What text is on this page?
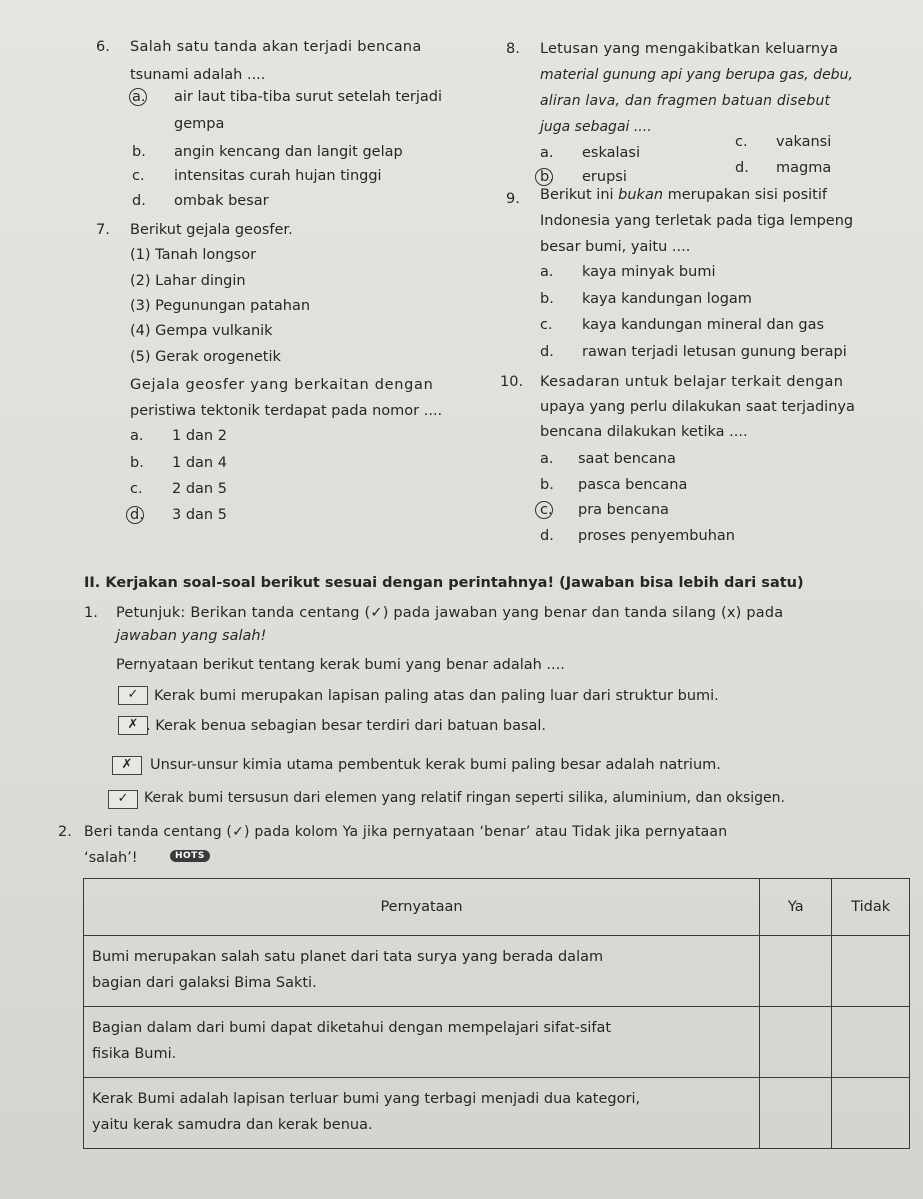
6. Salah satu tanda akan terjadi bencana
tsunami adalah ....
a. air laut tiba-tiba surut setelah terjadi
gempa
b. angin kencang dan langit gelap
c. intensitas curah hujan tinggi
d. ombak besar
7. Berikut gejala geosfer.
(1) Tanah longsor
(2) Lahar dingin
(3) Pegunungan patahan
(4) Gempa vulkanik
(5) Gerak orogenetik
Gejala geosfer yang berkaitan dengan
peristiwa tektonik terdapat pada nomor ....
a. 1 dan 2
b. 1 dan 4
c. 2 dan 5
d. 3 dan 5
8. Letusan yang mengakibatkan keluarnya
material gunung api yang berupa gas, debu,
aliran lava, dan fragmen batuan disebut
juga sebagai ....
a. eskalasi
b. erupsi
c. vakansi
d. magma
9. Berikut ini bukan merupakan sisi positif
Indonesia yang terletak pada tiga lempeng
besar bumi, yaitu ....
a. kaya minyak bumi
b. kaya kandungan logam
c. kaya kandungan mineral dan gas
d. rawan terjadi letusan gunung berapi
10. Kesadaran untuk belajar terkait dengan
upaya yang perlu dilakukan saat terjadinya
bencana dilakukan ketika ....
a. saat bencana
b. pasca bencana
c. pra bencana
d. proses penyembuhan
II. Kerjakan soal-soal berikut sesuai dengan perintahnya! (Jawaban bisa lebih dari satu)
1. Petunjuk: Berikan tanda centang (✓) pada jawaban yang benar dan tanda silang (x) pada
jawaban yang salah!
Pernyataan berikut tentang kerak bumi yang benar adalah ....
✓	Kerak bumi merupakan lapisan paling atas dan paling luar dari struktur bumi.
✗ . Kerak benua sebagian besar terdiri dari batuan basal.
✗	Unsur-unsur kimia utama pembentuk kerak bumi paling besar adalah natrium.
✓	Kerak bumi tersusun dari elemen yang relatif ringan seperti silika, aluminium, dan oksigen.
2. Beri tanda centang (✓) pada kolom Ya jika pernyataan ‘benar’ atau Tidak jika pernyataan
‘salah’!	HOTS
Pernyataan	Ya	Tidak
Bumi merupakan salah satu planet dari tata surya yang berada dalam
bagian dari galaksi Bima Sakti.		
Bagian dalam dari bumi dapat diketahui dengan mempelajari sifat-sifat
fisika Bumi.		
Kerak Bumi adalah lapisan terluar bumi yang terbagi menjadi dua kategori,
yaitu kerak samudra dan kerak benua.		
